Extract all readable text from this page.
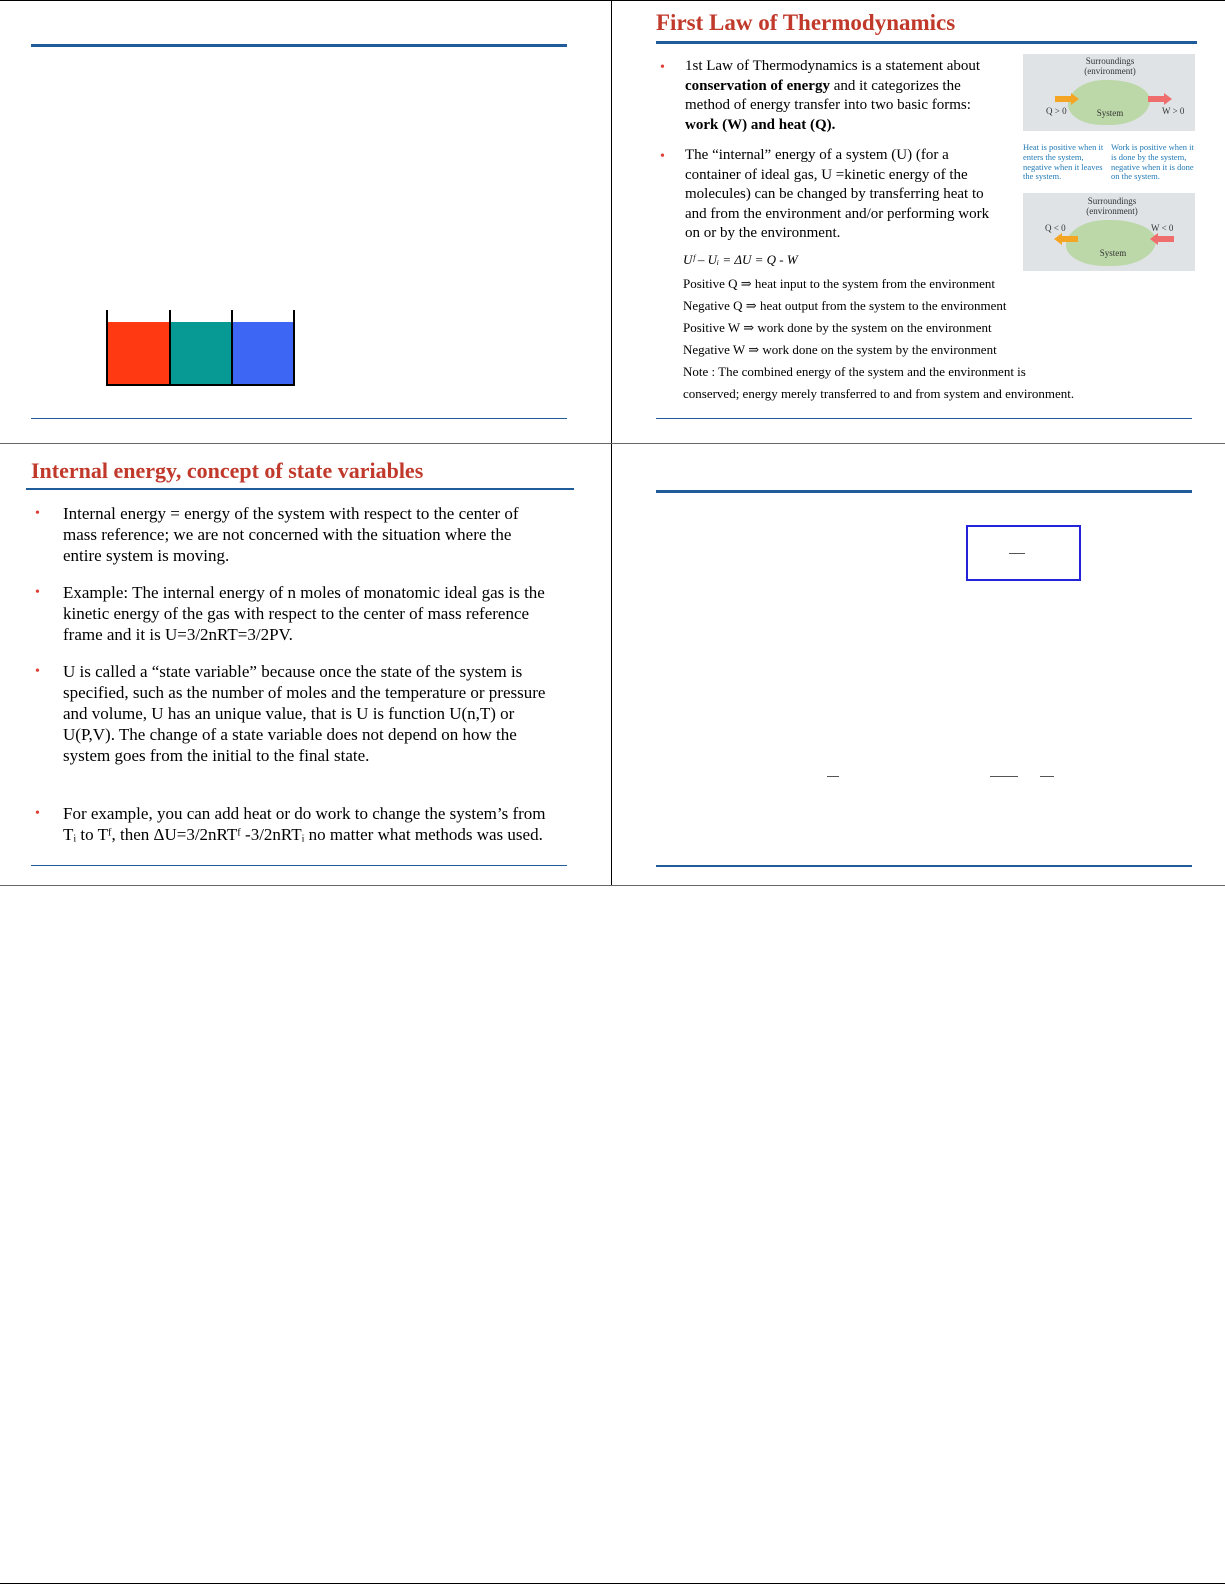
First Law of Thermodynamics
• 1st Law of Thermodynamics is a statement about conservation of energy and it categorizes the method of energy transfer into two basic forms: work (W) and heat (Q).
• The “internal” energy of a system (U) (for a container of ideal gas, U =kinetic energy of the molecules) can be changed by transferring heat to and from the environment and/or performing work on or by the environment.
Uᶠ – Uᵢ = ΔU = Q - W
Positive Q ⇒ heat input to the system from the environment
Negative Q ⇒ heat output from the system to the environment
Positive W ⇒ work done by the system on the environment
Negative W ⇒ work done on the system by the environment
Note : The combined energy of the system and the environment is
conserved; energy merely transferred to and from system and environment.
Surroundings
(environment)
System
Q > 0	W > 0
Heat is positive when it enters the system, negative when it leaves the system.
Work is positive when it is done by the system, negative when it is done on the system.
Surroundings
(environment)
System
Q < 0	W < 0
Internal energy, concept of state variables
• Internal energy = energy of the system with respect to the center of mass reference; we are not concerned with the situation where the entire system is moving.
• Example: The internal energy of n moles of monatomic ideal gas is the kinetic energy of the gas with respect to the center of mass reference frame and it is U=3/2nRT=3/2PV.
• U is called a “state variable” because once the state of the system is specified, such as the number of moles and the temperature or pressure and volume, U has an unique value, that is U is function U(n,T) or U(P,V). The change of a state variable does not depend on how the system goes from the initial to the final state.
• For example, you can add heat or do work to change the system’s from Tᵢ to Tᶠ, then ΔU=3/2nRTᶠ -3/2nRTᵢ no matter what methods was used.
